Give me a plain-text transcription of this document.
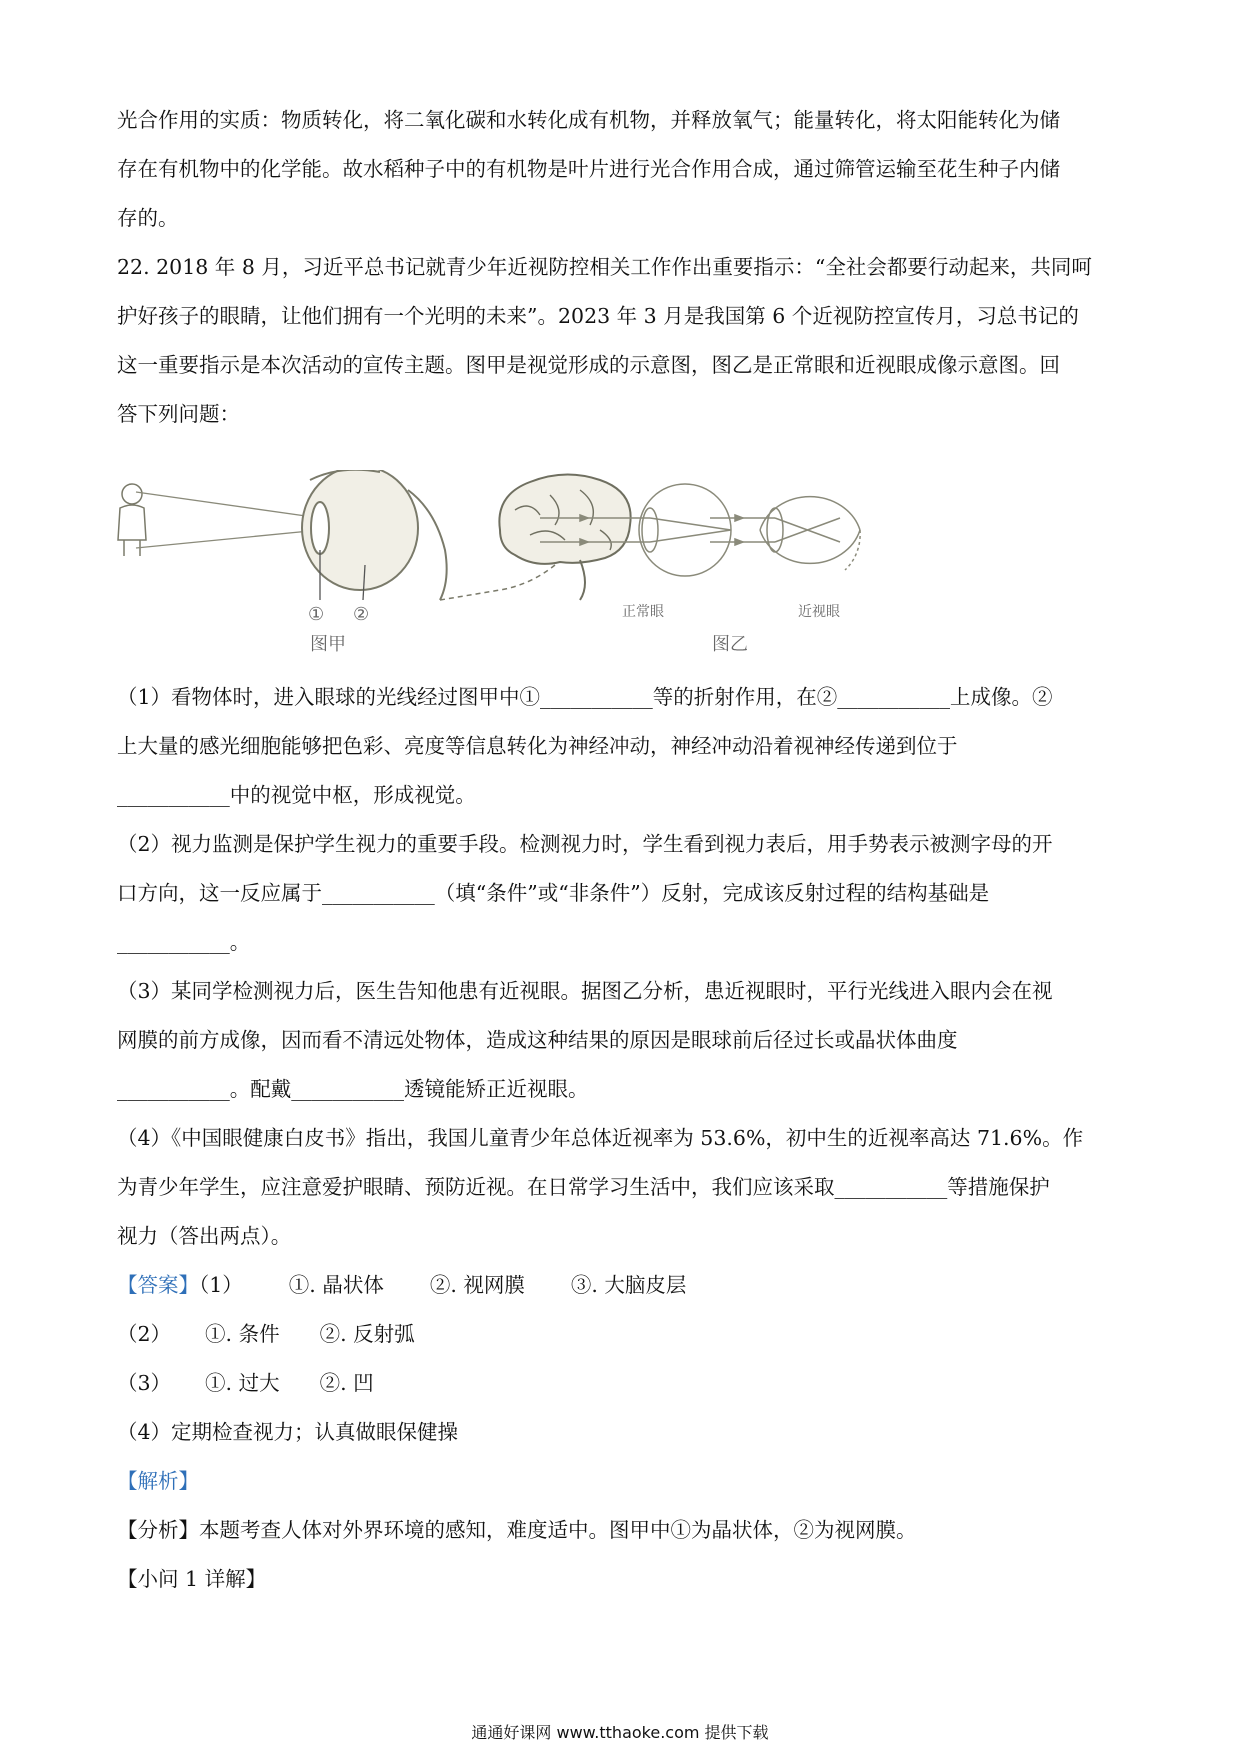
光合作用的实质：物质转化，将二氧化碳和水转化成有机物，并释放氧气；能量转化，将太阳能转化为储
存在有机物中的化学能。故水稻种子中的有机物是叶片进行光合作用合成，通过筛管运输至花生种子内储
存的。
22. 2018 年 8 月，习近平总书记就青少年近视防控相关工作作出重要指示：“全社会都要行动起来，共同呵
护好孩子的眼睛，让他们拥有一个光明的未来”。2023 年 3 月是我国第 6 个近视防控宣传月，习总书记的
这一重要指示是本次活动的宣传主题。图甲是视觉形成的示意图，图乙是正常眼和近视眼成像示意图。回
答下列问题：
① ②	正常眼	近视眼
图甲	图乙
（1）看物体时，进入眼球的光线经过图甲中①___________等的折射作用，在②___________上成像。②
上大量的感光细胞能够把色彩、亮度等信息转化为神经冲动，神经冲动沿着视神经传递到位于
___________中的视觉中枢，形成视觉。
（2）视力监测是保护学生视力的重要手段。检测视力时，学生看到视力表后，用手势表示被测字母的开
口方向，这一反应属于___________（填“条件”或“非条件”）反射，完成该反射过程的结构基础是
___________。
（3）某同学检测视力后，医生告知他患有近视眼。据图乙分析，患近视眼时，平行光线进入眼内会在视
网膜的前方成像，因而看不清远处物体，造成这种结果的原因是眼球前后径过长或晶状体曲度
___________。配戴___________透镜能矫正近视眼。
（4）《中国眼健康白皮书》指出，我国儿童青少年总体近视率为 53.6%，初中生的近视率高达 71.6%。作
为青少年学生，应注意爱护眼睛、预防近视。在日常学习生活中，我们应该采取___________等措施保护
视力（答出两点）。
【答案】（1） ①. 晶状体 ②. 视网膜 ③. 大脑皮层
（2） ①. 条件 ②. 反射弧
（3） ①. 过大 ②. 凹
（4）定期检查视力；认真做眼保健操
【解析】
【分析】本题考查人体对外界环境的感知，难度适中。图甲中①为晶状体，②为视网膜。
【小问 1 详解】
通通好课网 www.tthaoke.com 提供下载
